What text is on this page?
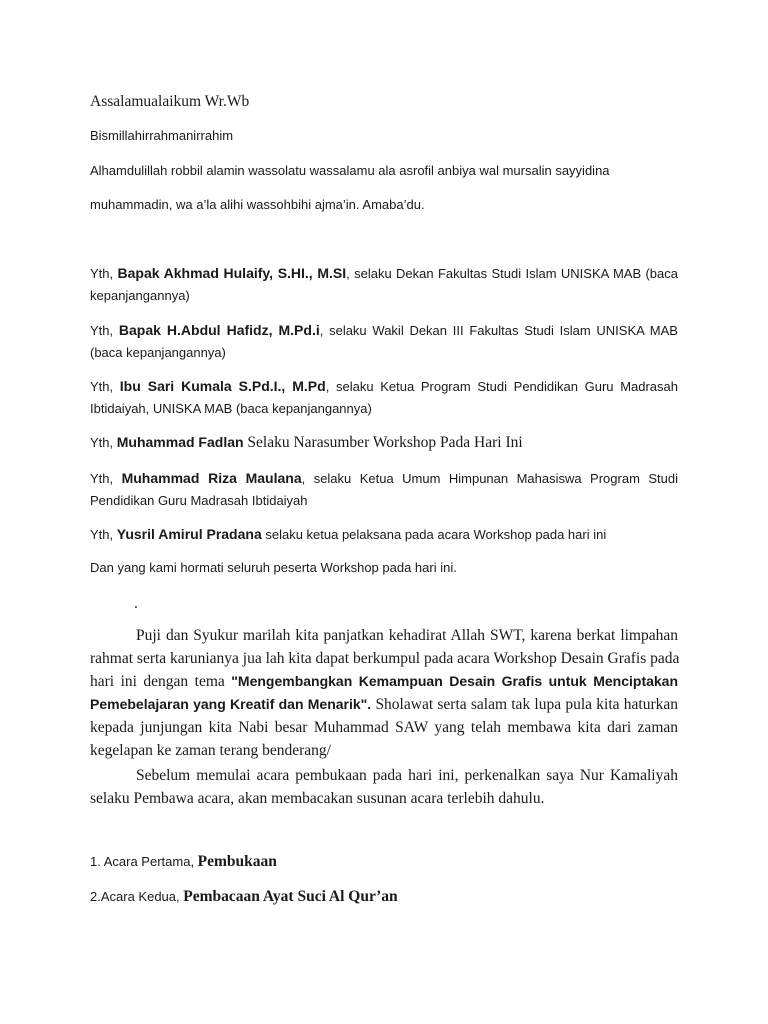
Assalamualaikum Wr.Wb
Bismillahirrahmanirrahim
Alhamdulillah robbil alamin wassolatu wassalamu ala asrofil anbiya wal mursalin sayyidina
muhammadin, wa a’la alihi wassohbihi ajma’in. Amaba’du.
Yth, Bapak Akhmad Hulaify, S.HI., M.SI, selaku Dekan Fakultas Studi Islam UNISKA MAB (baca
kepanjangannya)
Yth, Bapak H.Abdul Hafidz, M.Pd.i, selaku Wakil Dekan III Fakultas Studi Islam UNISKA MAB
(baca kepanjangannya)
Yth, Ibu Sari Kumala S.Pd.I., M.Pd, selaku Ketua Program Studi Pendidikan Guru Madrasah
Ibtidaiyah, UNISKA MAB (baca kepanjangannya)
Yth, Muhammad Fadlan Selaku Narasumber Workshop Pada Hari Ini
Yth, Muhammad Riza Maulana, selaku Ketua Umum Himpunan Mahasiswa Program Studi
Pendidikan Guru Madrasah Ibtidaiyah
Yth, Yusril Amirul Pradana selaku ketua pelaksana pada acara Workshop pada hari ini
Dan yang kami hormati seluruh peserta Workshop pada hari ini.
.
Puji dan Syukur marilah kita panjatkan kehadirat Allah SWT, karena berkat limpahan
rahmat serta karunianya jua lah kita dapat berkumpul pada acara Workshop Desain Grafis pada
hari ini dengan tema "Mengembangkan Kemampuan Desain Grafis untuk Menciptakan
Pemebelajaran yang Kreatif dan Menarik". Sholawat serta salam tak lupa pula kita haturkan
kepada junjungan kita Nabi besar Muhammad SAW yang telah membawa kita dari zaman
kegelapan ke zaman terang benderang/
Sebelum memulai acara pembukaan pada hari ini, perkenalkan saya Nur Kamaliyah
selaku Pembawa acara, akan membacakan susunan acara terlebih dahulu.
1. Acara Pertama, Pembukaan
2.Acara Kedua, Pembacaan Ayat Suci Al Qur’an
